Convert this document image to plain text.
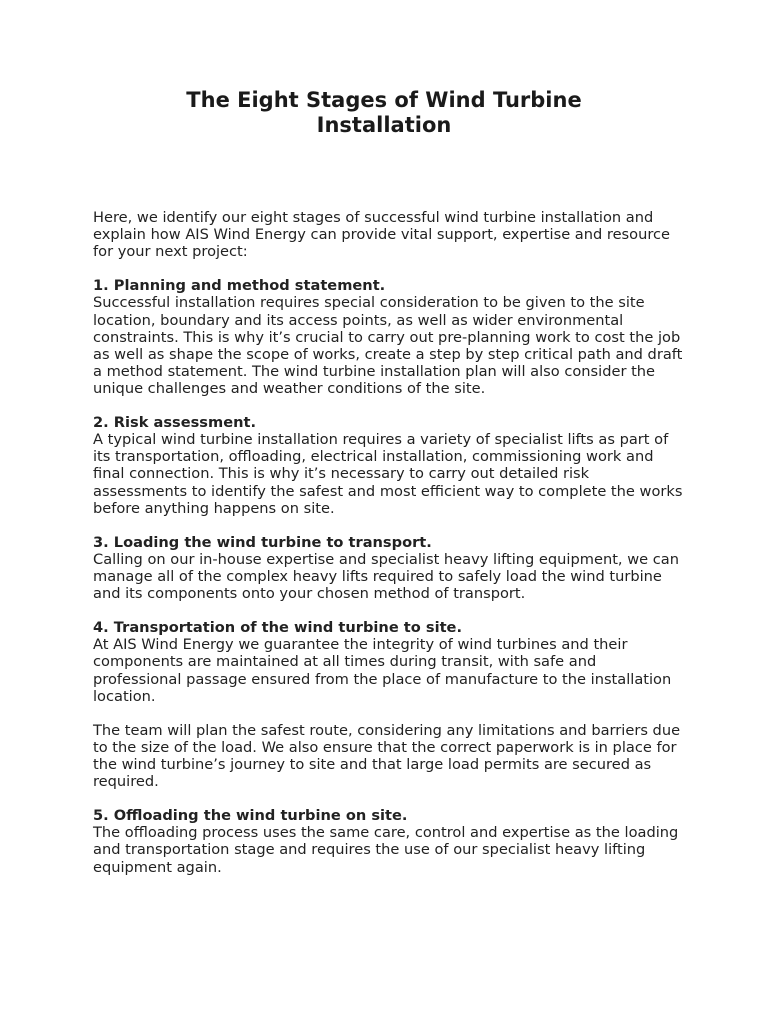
The Eight Stages of Wind Turbine Installation

Here, we identify our eight stages of successful wind turbine installation and explain how AIS Wind Energy can provide vital support, expertise and resource for your next project:

1. Planning and method statement.
Successful installation requires special consideration to be given to the site location, boundary and its access points, as well as wider environmental constraints. This is why it’s crucial to carry out pre-planning work to cost the job as well as shape the scope of works, create a step by step critical path and draft a method statement. The wind turbine installation plan will also consider the unique challenges and weather conditions of the site.

2. Risk assessment.
A typical wind turbine installation requires a variety of specialist lifts as part of its transportation, offloading, electrical installation, commissioning work and final connection. This is why it’s necessary to carry out detailed risk assessments to identify the safest and most efficient way to complete the works before anything happens on site.

3. Loading the wind turbine to transport.
Calling on our in-house expertise and specialist heavy lifting equipment, we can manage all of the complex heavy lifts required to safely load the wind turbine and its components onto your chosen method of transport.

4. Transportation of the wind turbine to site.
At AIS Wind Energy we guarantee the integrity of wind turbines and their components are maintained at all times during transit, with safe and professional passage ensured from the place of manufacture to the installation location.

The team will plan the safest route, considering any limitations and barriers due to the size of the load. We also ensure that the correct paperwork is in place for the wind turbine’s journey to site and that large load permits are secured as required.

5. Offloading the wind turbine on site.
The offloading process uses the same care, control and expertise as the loading and transportation stage and requires the use of our specialist heavy lifting equipment again.
